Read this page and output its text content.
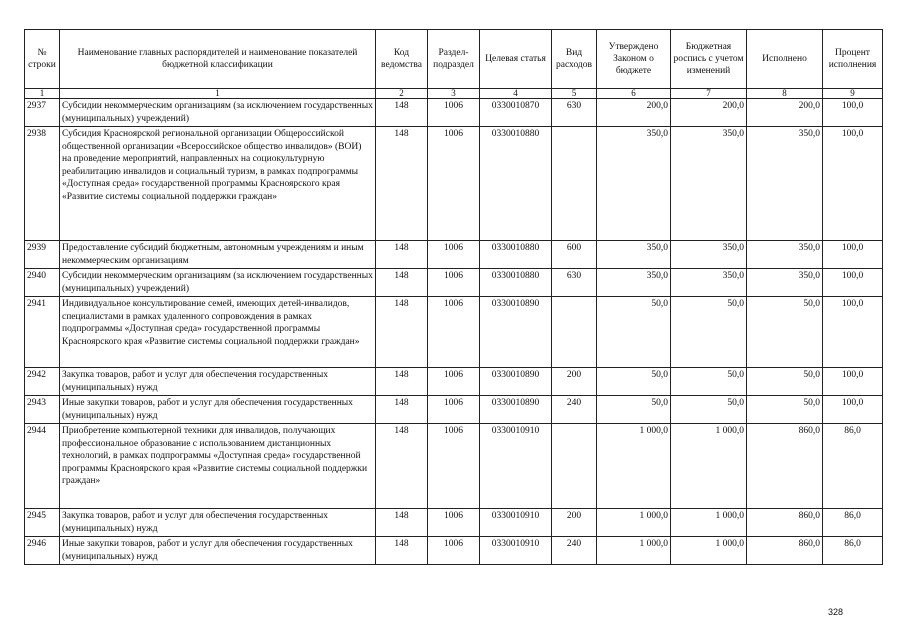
№ строки	Наименование главных распорядителей и наименование показателей бюджетной классификации	Код ведомства	Раздел-подраздел	Целевая статья	Вид расходов	Утверждено Законом о бюджете	Бюджетная роспись с учетом изменений	Исполнено	Процент исполнения
1	1	2	3	4	5	6	7	8	9
2937	Субсидии некоммерческим организациям (за исключением государственных (муниципальных) учреждений)	148	1006	0330010870	630	200,0	200,0	200,0	100,0
2938	Субсидия Красноярской региональной организации Общероссийской общественной организации «Всероссийское общество инвалидов» (ВОИ) на проведение мероприятий, направленных на социокультурную реабилитацию инвалидов и социальный туризм, в рамках подпрограммы «Доступная среда» государственной программы Красноярского края «Развитие системы социальной поддержки граждан»	148	1006	0330010880		350,0	350,0	350,0	100,0
2939	Предоставление субсидий бюджетным, автономным учреждениям и иным некоммерческим организациям	148	1006	0330010880	600	350,0	350,0	350,0	100,0
2940	Субсидии некоммерческим организациям (за исключением государственных (муниципальных) учреждений)	148	1006	0330010880	630	350,0	350,0	350,0	100,0
2941	Индивидуальное консультирование семей, имеющих детей-инвалидов, специалистами в рамках удаленного сопровождения в рамках подпрограммы «Доступная среда» государственной программы Красноярского края «Развитие системы социальной поддержки граждан»	148	1006	0330010890		50,0	50,0	50,0	100,0
2942	Закупка товаров, работ и услуг для обеспечения государственных (муниципальных) нужд	148	1006	0330010890	200	50,0	50,0	50,0	100,0
2943	Иные закупки товаров, работ и услуг для обеспечения государственных (муниципальных) нужд	148	1006	0330010890	240	50,0	50,0	50,0	100,0
2944	Приобретение компьютерной техники для инвалидов, получающих профессиональное образование с использованием дистанционных технологий, в рамках подпрограммы «Доступная среда» государственной программы Красноярского края «Развитие системы социальной поддержки граждан»	148	1006	0330010910		1 000,0	1 000,0	860,0	86,0
2945	Закупка товаров, работ и услуг для обеспечения государственных (муниципальных) нужд	148	1006	0330010910	200	1 000,0	1 000,0	860,0	86,0
2946	Иные закупки товаров, работ и услуг для обеспечения государственных (муниципальных) нужд	148	1006	0330010910	240	1 000,0	1 000,0	860,0	86,0
328
